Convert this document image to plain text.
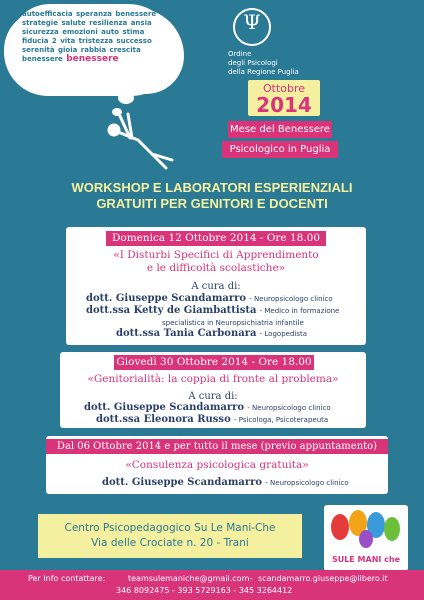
autoefficacia speranza benessere strategie salute resilienza ansia sicurezza emozioni auto stima fiducia 2 vita tristezza successo serenità gioia rabbia crescita benessere benessere
Ψ
Ordine
degli Psicologi
della Regione Puglia
Ottobre
2014
Mese del Benessere
Psicologico in Puglia
WORKSHOP E LABORATORI ESPERIENZIALI
GRATUITI PER GENITORI E DOCENTI
Domenica 12 Ottobre 2014 - Ore 18.00
«I Disturbi Specifici di Apprendimento
e le difficoltà scolastiche»
A cura di:
dott. Giuseppe Scandamarro - Neuropsicologo clinico
dott.ssa Ketty de Giambattista - Medico in formazione
specialistica in Neuropsichiatria infantile
dott.ssa Tania Carbonara - Logopedista
Giovedì 30 Ottobre 2014 - Ore 18.00
«Genitorialità: la coppia di fronte al problema»
A cura di:
dott. Giuseppe Scandamarro - Neuropsicologo clinico
dott.ssa Eleonora Russo - Psicologa, Psicoterapeuta
Dal 06 Ottobre 2014 e per tutto il mese (previo appuntamento)
«Consulenza psicologica gratuita»
dott. Giuseppe Scandamarro - Neuropsicologo clinico
Centro Psicopedagogico Su Le Mani-Che
Via delle Crociate n. 20 - Trani
SULE MANI che
Per Info contattare:	teamsulemaniche@gmail.com - scandamarro.giuseppe@libero.it
346 8092475 - 393 5729163 - 345 3264412
